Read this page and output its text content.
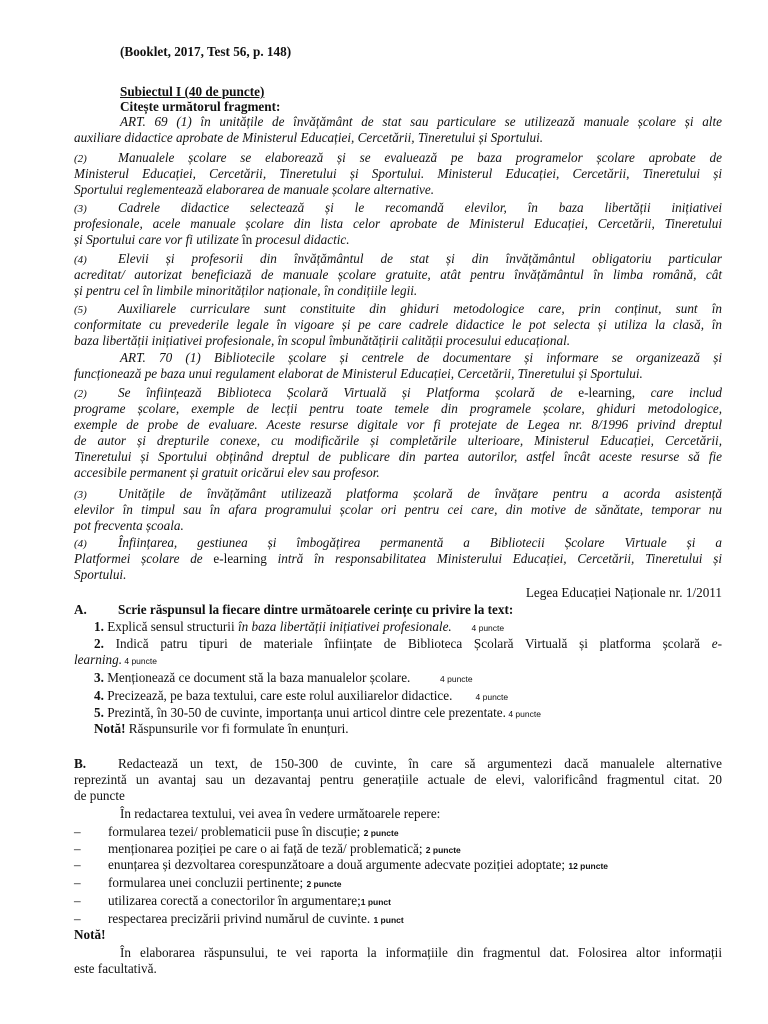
(Booklet, 2017, Test 56, p. 148)
Subiectul I (40 de puncte)
Citește următorul fragment:
ART. 69 (1) în unitățile de învățământ de stat sau particulare se utilizează manuale școlare și alte
auxiliare didactice aprobate de Ministerul Educației, Cercetării, Tineretului și Sportului.
(2) Manualele școlare se elaborează și se evaluează pe baza programelor școlare aprobate de
Ministerul Educației, Cercetării, Tineretului și Sportului. Ministerul Educației, Cercetării, Tineretului și
Sportului reglementează elaborarea de manuale școlare alternative.
(3) Cadrele didactice selectează și le recomandă elevilor, în baza libertății inițiativei
profesionale, acele manuale școlare din lista celor aprobate de Ministerul Educației, Cercetării, Tineretului
și Sportului care vor fi utilizate în procesul didactic.
(4) Elevii și profesorii din învățământul de stat și din învățământul obligatoriu particular
acreditat/ autorizat beneficiază de manuale școlare gratuite, atât pentru învățământul în limba română, cât
și pentru cel în limbile minorităților naționale, în condițiile legii.
(5) Auxiliarele curriculare sunt constituite din ghiduri metodologice care, prin conținut, sunt în
conformitate cu prevederile legale în vigoare și pe care cadrele didactice le pot selecta și utiliza la clasă, în
baza libertății inițiativei profesionale, în scopul îmbunătățirii calității procesului educațional.
ART. 70 (1) Bibliotecile școlare și centrele de documentare și informare se organizează și
funcționează pe baza unui regulament elaborat de Ministerul Educației, Cercetării, Tineretului și Sportului.
(2) Se înființează Biblioteca Școlară Virtuală și Platforma școlară de e-learning, care includ
programe școlare, exemple de lecții pentru toate temele din programele școlare, ghiduri metodologice,
exemple de probe de evaluare. Aceste resurse digitale vor fi protejate de Legea nr. 8/1996 privind dreptul
de autor și drepturile conexe, cu modificările și completările ulterioare, Ministerul Educației, Cercetării,
Tineretului și Sportului obținând dreptul de publicare din partea autorilor, astfel încât aceste resurse să fie
accesibile permanent și gratuit oricărui elev sau profesor.
(3) Unitățile de învățământ utilizează platforma școlară de învățare pentru a acorda asistență
elevilor în timpul sau în afara programului școlar ori pentru cei care, din motive de sănătate, temporar nu
pot frecventa școala.
(4) Înființarea, gestiunea și îmbogățirea permanentă a Bibliotecii Școlare Virtuale și a
Platformei școlare de e-learning intră în responsabilitatea Ministerului Educației, Cercetării, Tineretului și
Sportului.
Legea Educației Naționale nr. 1/2011
A. Scrie răspunsul la fiecare dintre următoarele cerințe cu privire la text:
1. Explică sensul structurii în baza libertății inițiativei profesionale. 4 puncte
2. Indică patru tipuri de materiale înființate de Biblioteca Școlară Virtuală și platforma școlară e-
learning. 4 puncte
3. Menționează ce document stă la baza manualelor școlare.	4 puncte
4. Precizează, pe baza textului, care este rolul auxiliarelor didactice.	4 puncte
5. Prezintă, în 30-50 de cuvinte, importanța unui articol dintre cele prezentate. 4 puncte
Notă! Răspunsurile vor fi formulate în enunțuri.
B. Redactează un text, de 150-300 de cuvinte, în care să argumentezi dacă manualele alternative
reprezintă un avantaj sau un dezavantaj pentru generațiile actuale de elevi, valorificând fragmentul citat. 20
de puncte
În redactarea textului, vei avea în vedere următoarele repere:
– formularea tezei/ problematicii puse în discuție; 2 puncte
– menționarea poziției pe care o ai față de teză/ problematică; 2 puncte
– enunțarea și dezvoltarea corespunzătoare a două argumente adecvate poziției adoptate; 12 puncte
– formularea unei concluzii pertinente; 2 puncte
– utilizarea corectă a conectorilor în argumentare;1 punct
– respectarea precizării privind numărul de cuvinte. 1 punct
Notă!
În elaborarea răspunsului, te vei raporta la informațiile din fragmentul dat. Folosirea altor informații
este facultativă.
